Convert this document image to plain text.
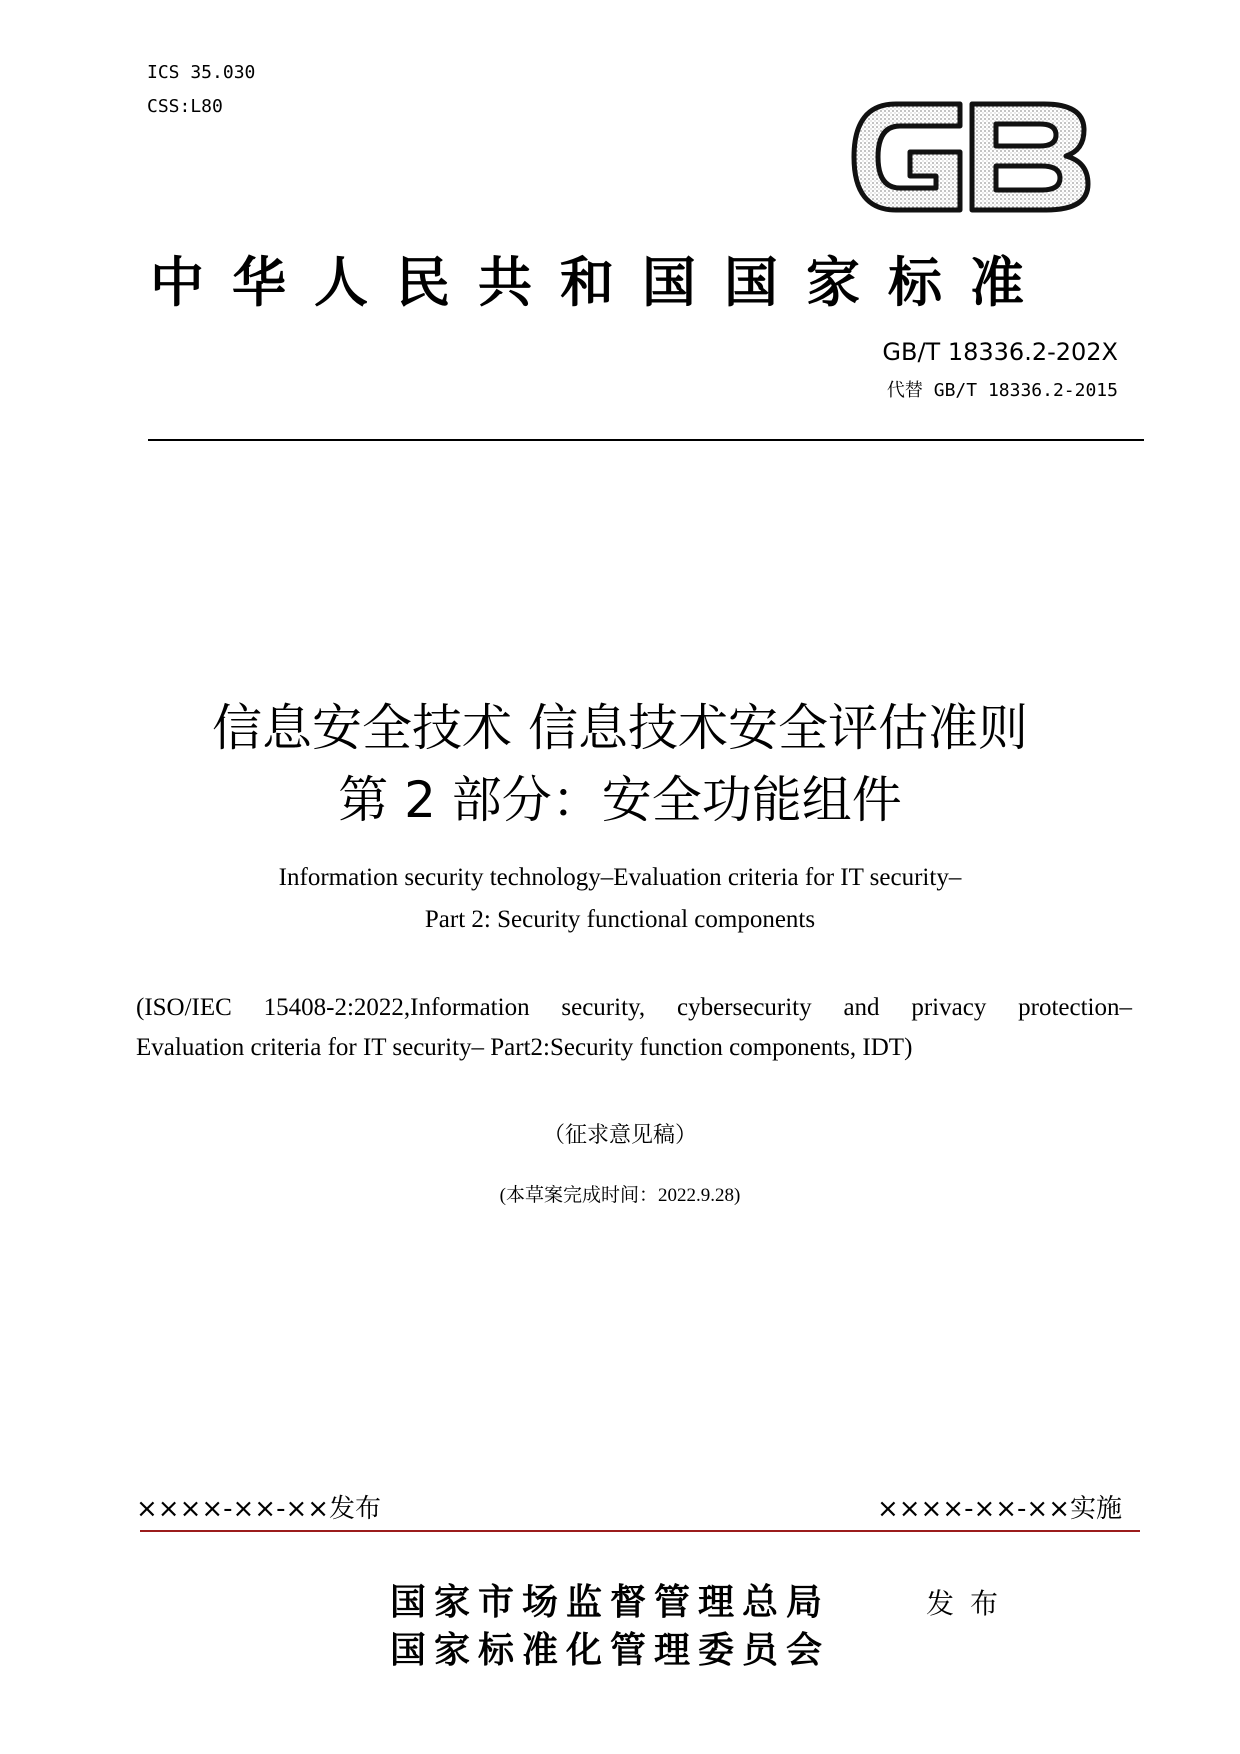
ICS 35.030
CSS:L80
中华人民共和国国家标准
GB/T 18336.2-202X
代替 GB/T 18336.2-2015
信息安全技术 信息技术安全评估准则
第 2 部分：安全功能组件
Information security technology–Evaluation criteria for IT security–
Part 2: Security functional components
(ISO/IEC 15408-2:2022,Information security, cybersecurity and privacy protection–
Evaluation criteria for IT security– Part2:Security function components, IDT)
（征求意见稿）
(本草案完成时间：2022.9.28)
××××-××-××发布	××××-××-××实施
国家市场监督管理总局
国家标准化管理委员会
发布
